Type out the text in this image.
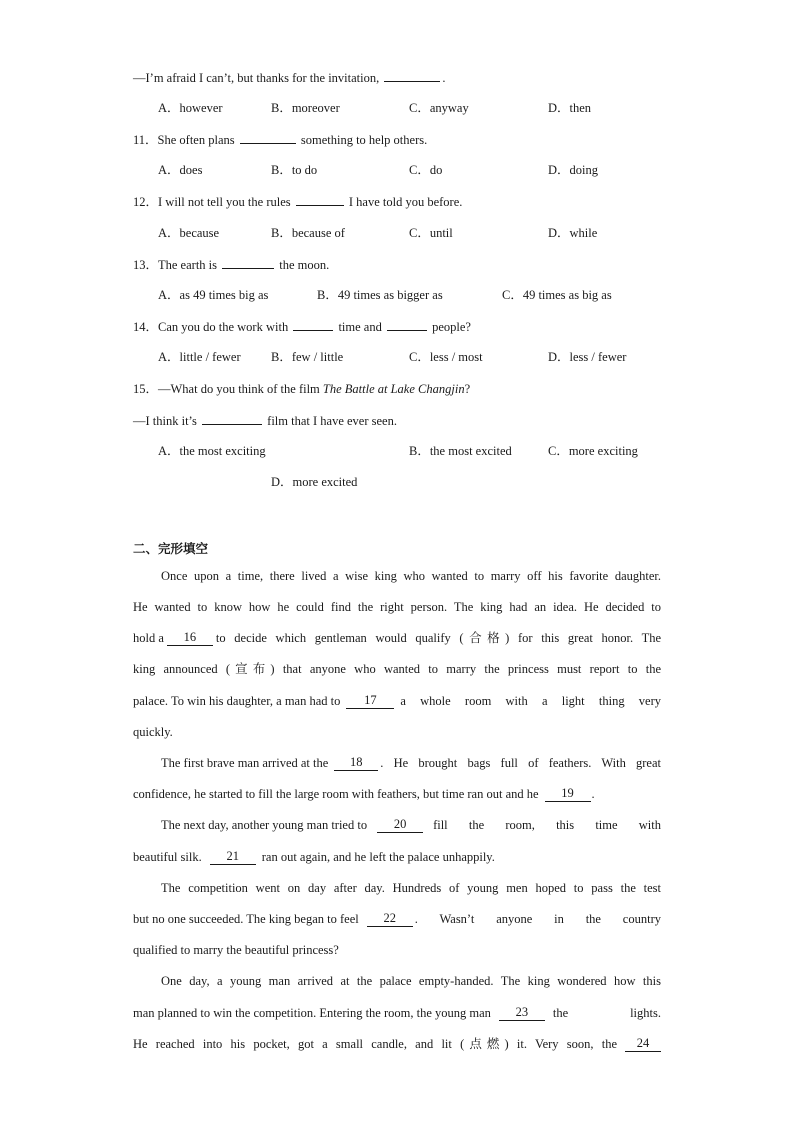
—I’m afraid I can’t, but thanks for the invitation,	.
A．however	B．moreover	C．anyway	D．then
11．She often plans	something to help others.
A．does	B．to do	C．do	D．doing
12．I will not tell you the rules	I have told you before.
A．because	B．because of	C．until	D．while
13．The earth is	the moon.
A．as 49 times big as	B．49 times as bigger as	C．49 times as big as
14．Can you do the work with	time and	people?
A．little / fewer B．few / little	C．less / most	D．less / fewer
15．—What do you think of the film The Battle at Lake Changjin?
—I think it’s	film that I have ever seen.
A．the most exciting	B．the most excited	C．more exciting
D．more excited
二、完形填空
Once upon a time, there lived a wise king who wanted to marry off his favorite daughter.
He wanted to know how he could find the right person. The king had an idea. He decided to
hold a	16	to decide which gentleman would qualify (合格) for this great honor. The
king announced (宣布) that anyone who wanted to marry the princess must report to the
palace. To win his daughter, a man had to	17	a whole room with a light thing very
quickly.
The first brave man arrived at the	18	. He brought bags full of feathers. With great
confidence, he started to fill the large room with feathers, but time ran out and he	19	.
The next day, another young man tried to	20	fill the room, this time with
beautiful silk.	21	ran out again, and he left the palace unhappily.
The competition went on day after day. Hundreds of young men hoped to pass the test
but no one succeeded. The king began to feel	22	. Wasn’t anyone in the country
qualified to marry the beautiful princess?
One day, a young man arrived at the palace empty-handed. The king wondered how this
man planned to win the competition. Entering the room, the young man	23	the lights.
He reached into his pocket, got a small candle, and lit (点燃) it. Very soon, the	24
